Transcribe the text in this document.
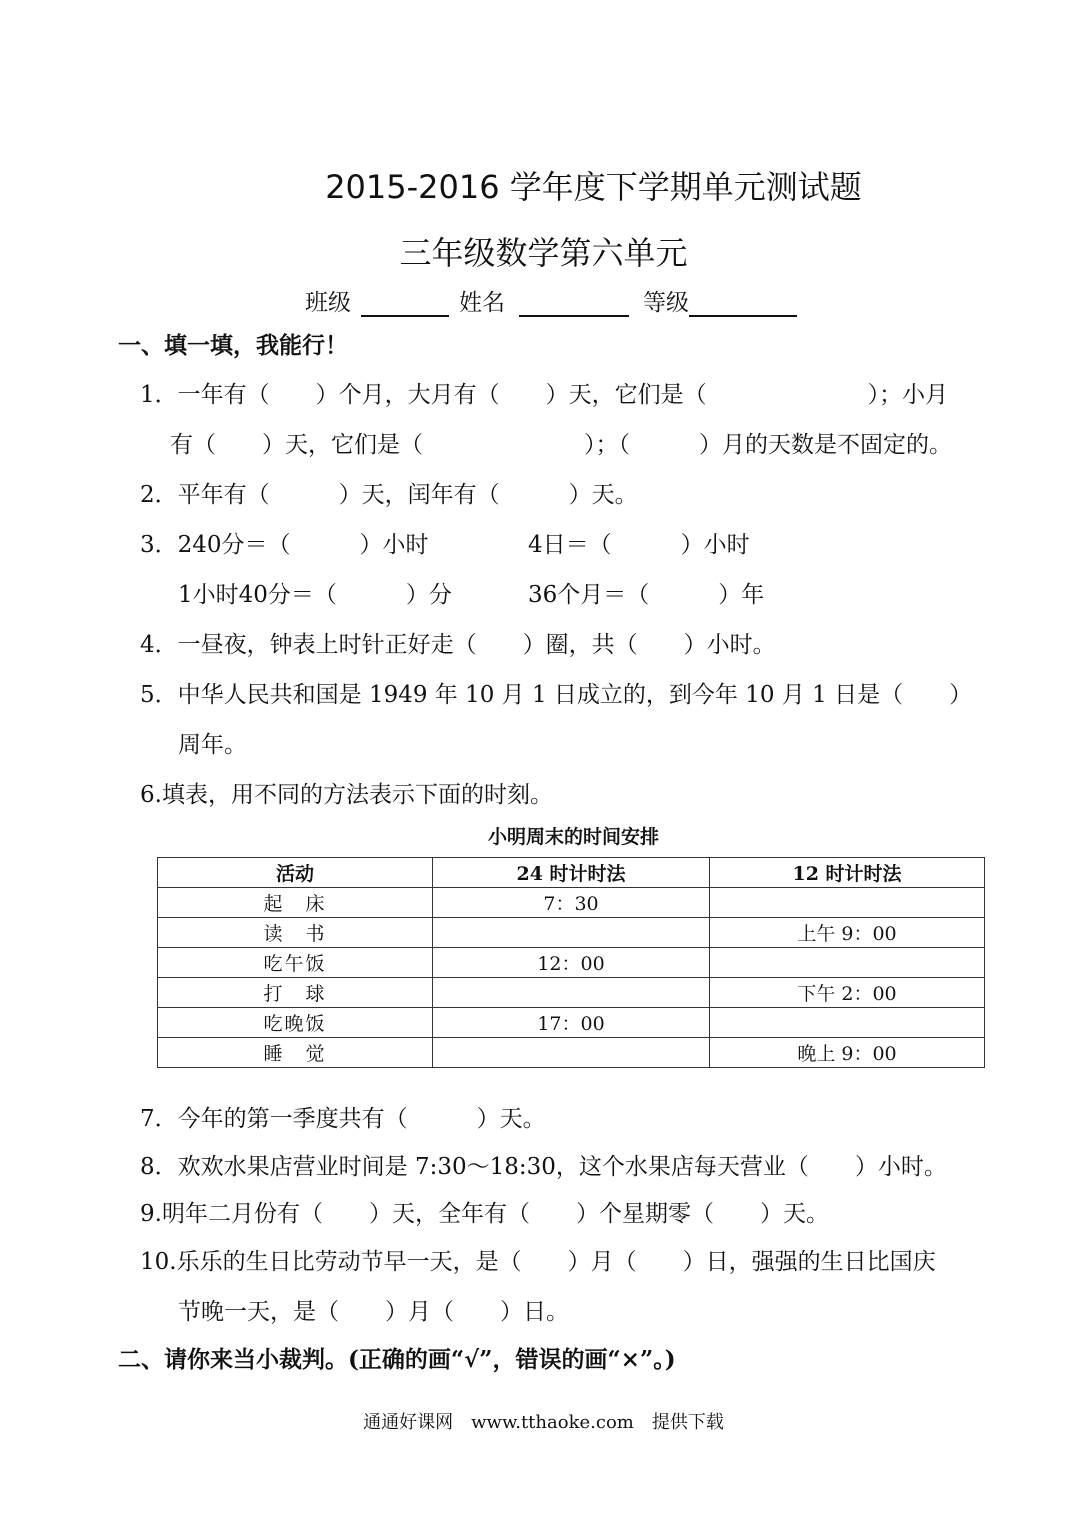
2015-2016 学年度下学期单元测试题
三年级数学第六单元
班级	姓名	等级
一、填一填，我能行！
1．一年有（　　）个月，大月有（　　）天，它们是（　　　　　　　）；小月
有（　　）天，它们是（　　　　　　　）；（　　　）月的天数是不固定的。
2．平年有（　　　）天，闰年有（　　　）天。
3．240分＝（　　　）小时	4日＝（　　　）小时
1小时40分＝（　　　）分	36个月＝（　　　）年
4．一昼夜，钟表上时针正好走（　　）圈，共（　　）小时。
5．中华人民共和国是 1949 年 10 月 1 日成立的，到今年 10 月 1 日是（　　）
周年。
6.填表，用不同的方法表示下面的时刻。
小明周末的时间安排
活动	24 时计时法	12 时计时法
起　床	7：30	
读　书		上午 9：00
吃午饭	12：00	
打　球		下午 2：00
吃晚饭	17：00	
睡　觉		晚上 9：00
7．今年的第一季度共有（　　　）天。
8．欢欢水果店营业时间是 7:30～18:30，这个水果店每天营业（　　）小时。
9.明年二月份有（　　）天，全年有（　　）个星期零（　　）天。
10.乐乐的生日比劳动节早一天，是（　　）月（　　）日，强强的生日比国庆
节晚一天，是（　　）月（　　）日。
二、请你来当小裁判。(正确的画“√”，错误的画“×”。)
通通好课网　www.tthaoke.com　提供下载
